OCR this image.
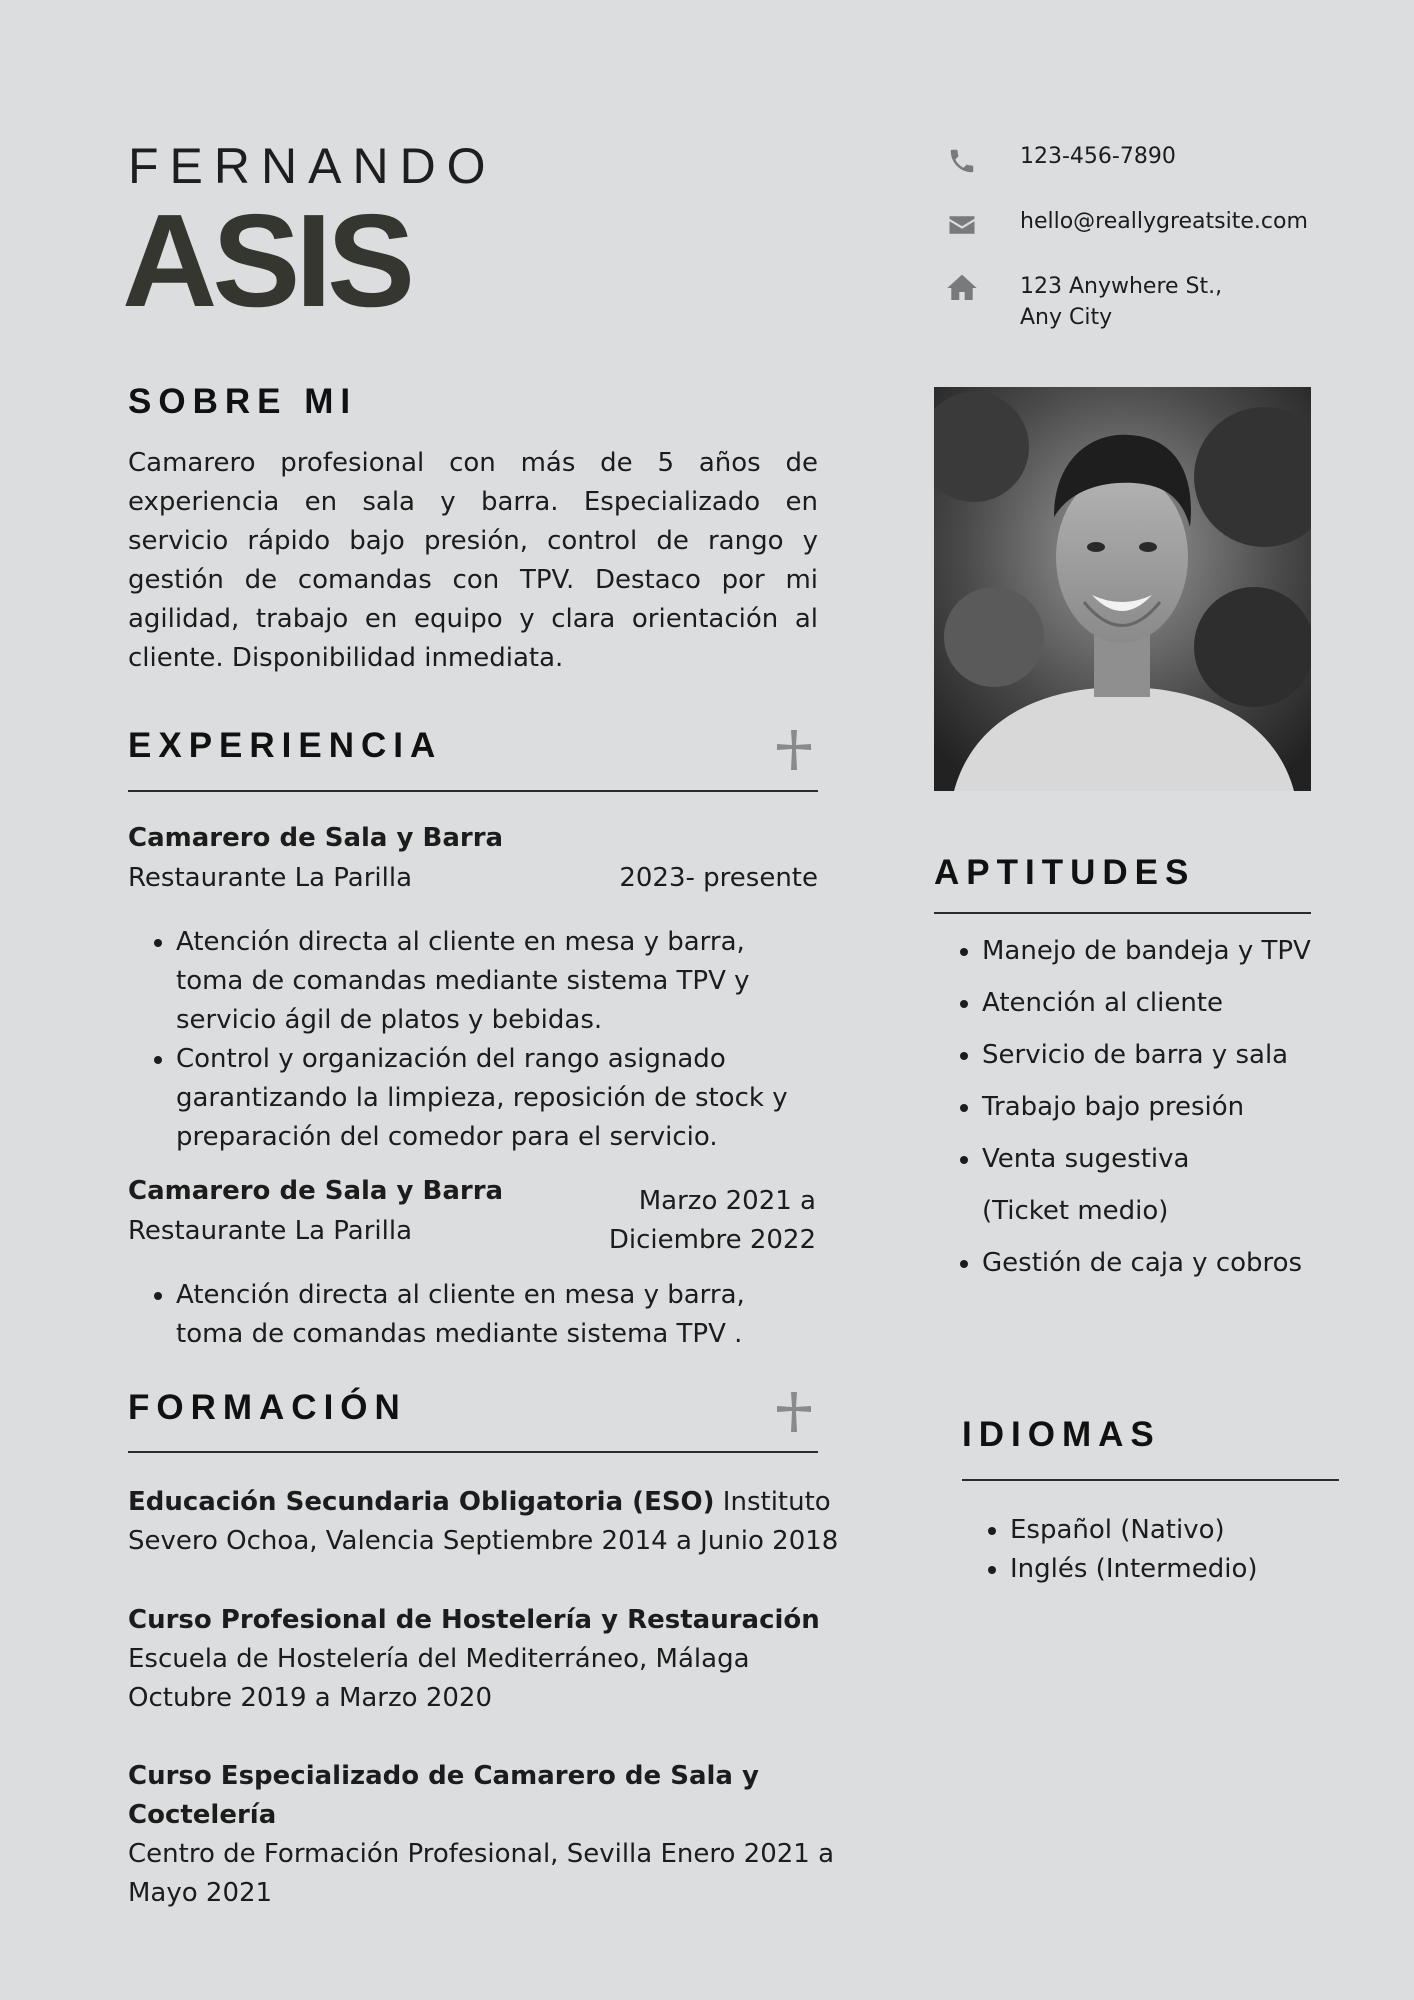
FERNANDO
ASIS
123-456-7890
hello@reallygreatsite.com
123 Anywhere St.,
Any City
SOBRE MI
Camarero profesional con más de 5 años de experiencia en sala y barra. Especializado en servicio rápido bajo presión, control de rango y gestión de comandas con TPV. Destaco por mi agilidad, trabajo en equipo y clara orientación al cliente. Disponibilidad inmediata.
EXPERIENCIA
Camarero de Sala y Barra
Restaurante La Parilla	2023- presente
• Atención directa al cliente en mesa y barra, toma de comandas mediante sistema TPV y servicio ágil de platos y bebidas.
• Control y organización del rango asignado garantizando la limpieza, reposición de stock y preparación del comedor para el servicio.
Camarero de Sala y Barra
Restaurante La Parilla
Marzo 2021 a
Diciembre 2022
• Atención directa al cliente en mesa y barra, toma de comandas mediante sistema TPV .
FORMACIÓN
Educación Secundaria Obligatoria (ESO) Instituto
Severo Ochoa, Valencia Septiembre 2014 a Junio 2018
Curso Profesional de Hostelería y Restauración
Escuela de Hostelería del Mediterráneo, Málaga
Octubre 2019 a Marzo 2020
Curso Especializado de Camarero de Sala y
Coctelería
Centro de Formación Profesional, Sevilla Enero 2021 a
Mayo 2021
APTITUDES
• Manejo de bandeja y TPV
• Atención al cliente
• Servicio de barra y sala
• Trabajo bajo presión
• Venta sugestiva (Ticket medio)
• Gestión de caja y cobros
IDIOMAS
• Español (Nativo)
• Inglés (Intermedio)
